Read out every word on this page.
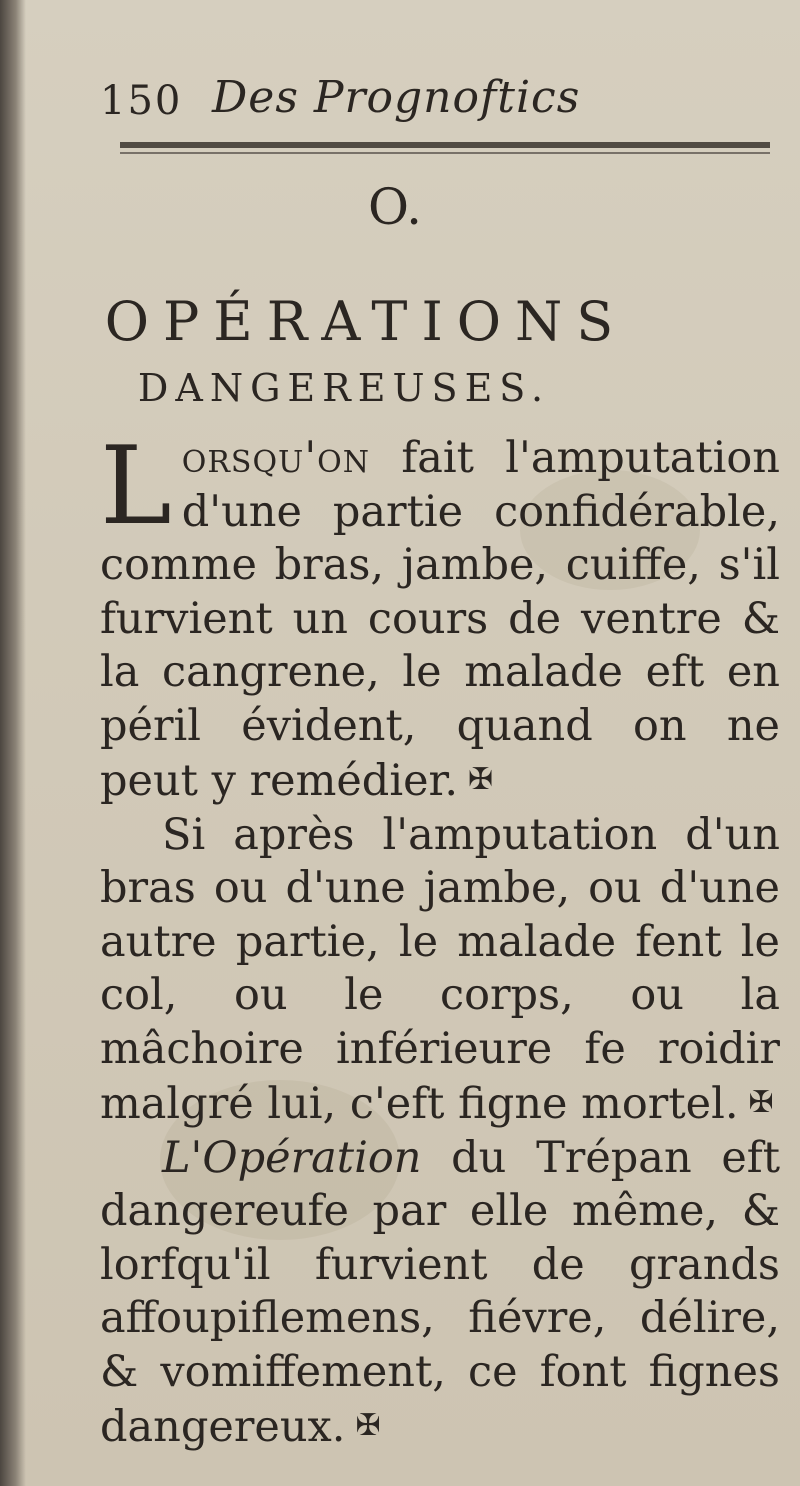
150 Des Prognoftics
O.
OPÉRATIONS
DANGEREUSES.

Lorsqu'on fait l'amputation d'une partie confidérable, comme bras, jambe, cuiffe, s'il furvient un cours de ventre & la cangrene, le malade eft en péril évident, quand on ne peut y remédier. ✠

Si après l'amputation d'un bras ou d'une jambe, ou d'une autre partie, le malade fent le col, ou le corps, ou la mâchoire inférieure fe roidir malgré lui, c'eft figne mortel. ✠

L'Opération du Trépan eft dangereufe par elle même, & lorfqu'il furvient de grands affoupiflemens, fiévre, délire, & vomiffement, ce font fignes dangereux. ✠
